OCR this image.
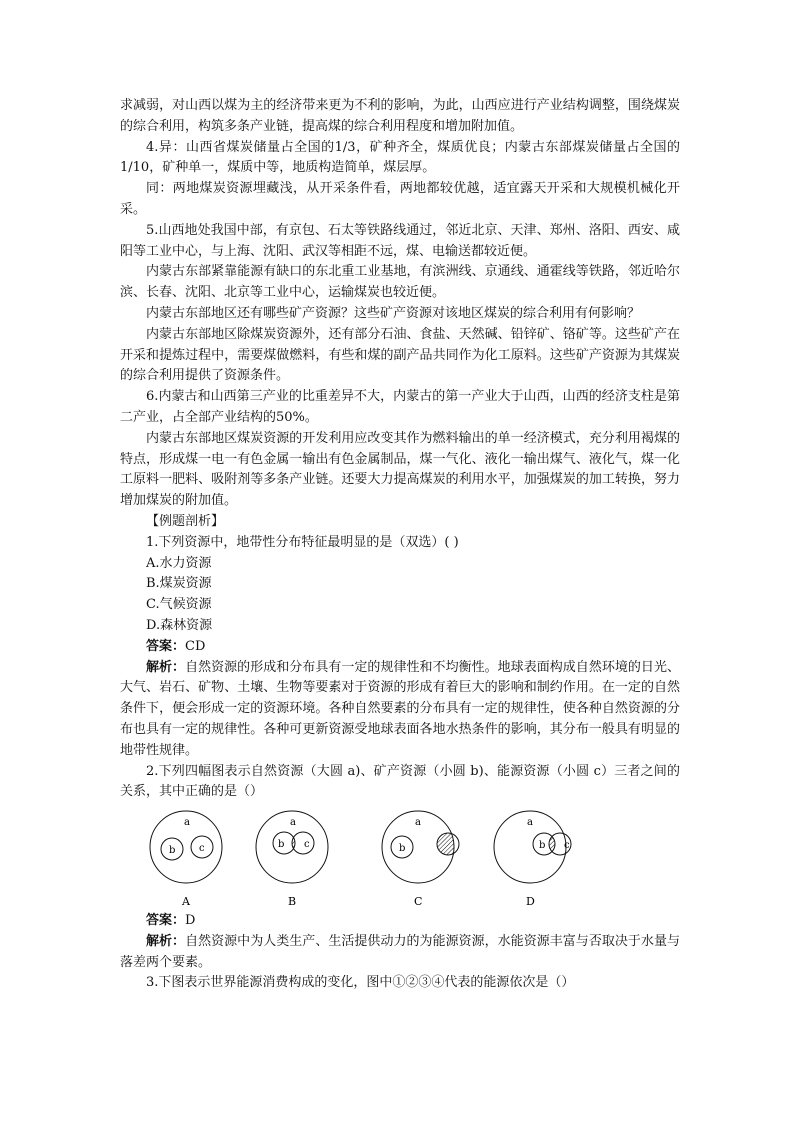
求减弱，对山西以煤为主的经济带来更为不利的影响，为此，山西应进行产业结构调整，围绕煤炭的综合利用，构筑多条产业链，提高煤的综合利用程度和增加附加值。

4.异：山西省煤炭储量占全国的1/3，矿种齐全，煤质优良；内蒙古东部煤炭储量占全国的1/10，矿种单一，煤质中等，地质构造简单，煤层厚。

同：两地煤炭资源埋藏浅，从开采条件看，两地都较优越，适宜露天开采和大规模机械化开采。

5.山西地处我国中部，有京包、石太等铁路线通过，邻近北京、天津、郑州、洛阳、西安、咸阳等工业中心，与上海、沈阳、武汉等相距不远，煤、电输送都较近便。

内蒙古东部紧靠能源有缺口的东北重工业基地，有滨洲线、京通线、通霍线等铁路，邻近哈尔滨、长春、沈阳、北京等工业中心，运输煤炭也较近便。

内蒙古东部地区还有哪些矿产资源？这些矿产资源对该地区煤炭的综合利用有何影响？

内蒙古东部地区除煤炭资源外，还有部分石油、食盐、天然碱、铅锌矿、铬矿等。这些矿产在开采和提炼过程中，需要煤做燃料，有些和煤的副产品共同作为化工原料。这些矿产资源为其煤炭的综合利用提供了资源条件。

6.内蒙古和山西第三产业的比重差异不大，内蒙古的第一产业大于山西，山西的经济支柱是第二产业，占全部产业结构的50%。

内蒙古东部地区煤炭资源的开发利用应改变其作为燃料输出的单一经济模式，充分利用褐煤的特点，形成煤一电一有色金属一输出有色金属制品，煤一气化、液化一输出煤气、液化气，煤一化工原料一肥料、吸附剂等多条产业链。还要大力提高煤炭的利用水平，加强煤炭的加工转换，努力增加煤炭的附加值。

【例题剖析】

1.下列资源中，地带性分布特征最明显的是（双选）( )

A.水力资源

B.煤炭资源

C.气候资源

D.森林资源

答案：CD

解析：自然资源的形成和分布具有一定的规律性和不均衡性。地球表面构成自然环境的日光、大气、岩石、矿物、土壤、生物等要素对于资源的形成有着巨大的影响和制约作用。在一定的自然条件下，便会形成一定的资源环境。各种自然要素的分布具有一定的规律性，使各种自然资源的分布也具有一定的规律性。各种可更新资源受地球表面各地水热条件的影响，其分布一般具有明显的地带性规律。

2.下列四幅图表示自然资源（大圆 a)、矿产资源（小圆 b)、能源资源（小圆 c）三者之间的关系，其中正确的是（）

a
b c
A
a
b c
B
a
b
C
a
b c
D

答案：D

解析：自然资源中为人类生产、生活提供动力的为能源资源，水能资源丰富与否取决于水量与落差两个要素。

3.下图表示世界能源消费构成的变化，图中①②③④代表的能源依次是（）
